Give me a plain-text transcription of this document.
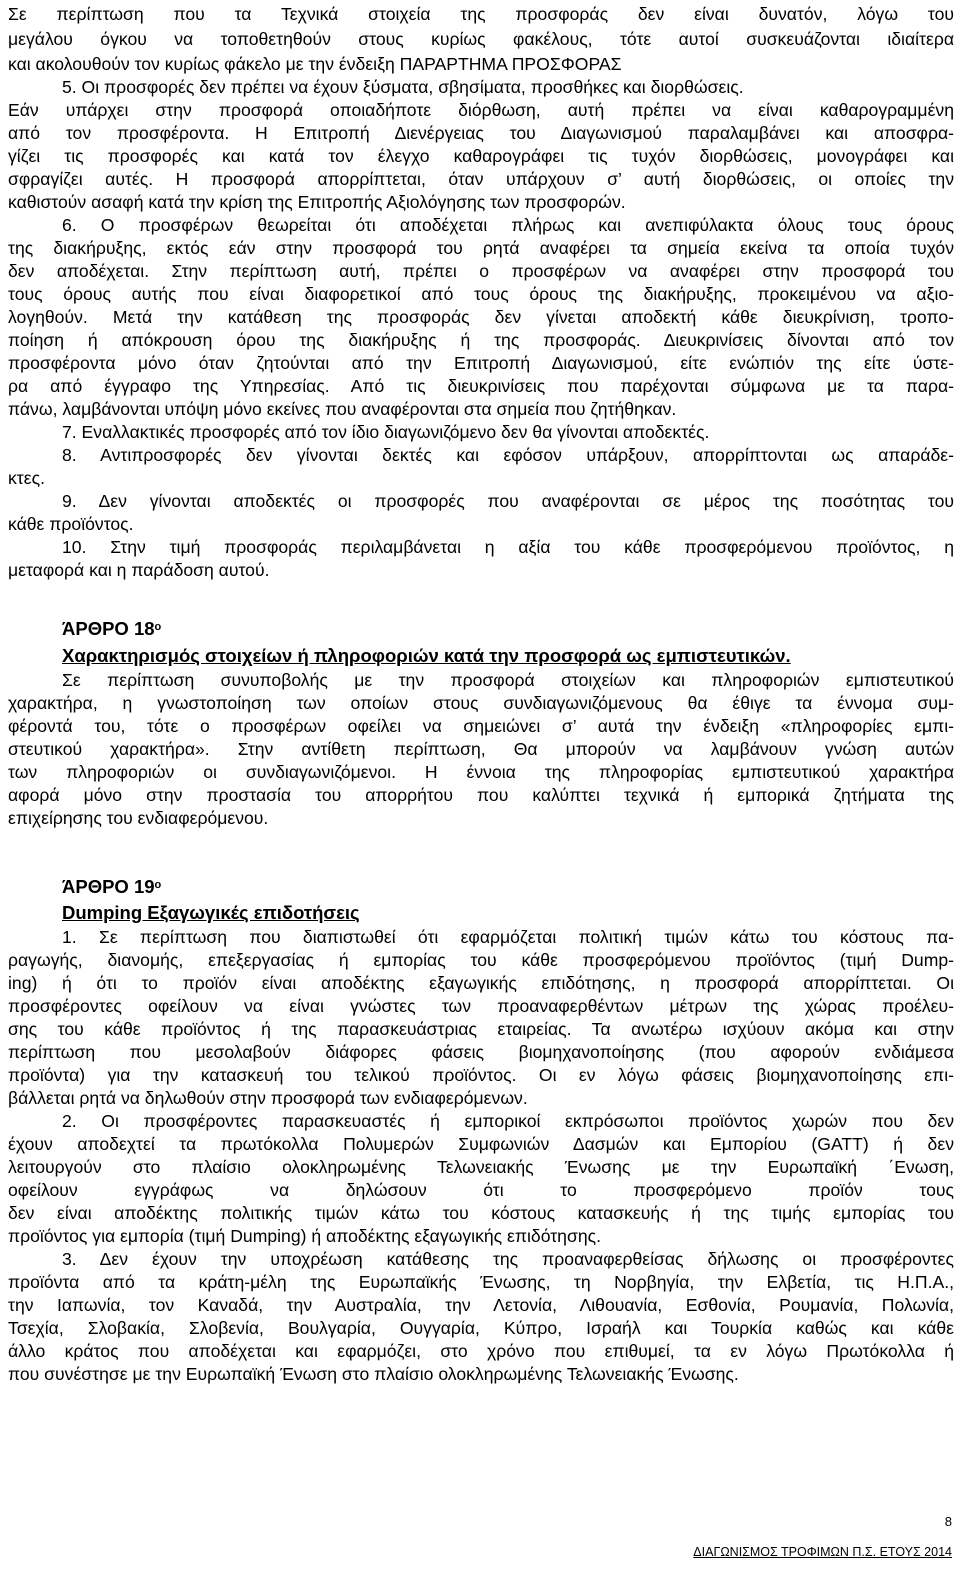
Σε περίπτωση που τα Τεχνικά στοιχεία της προσφοράς δεν είναι δυνατόν, λόγω του
μεγάλου όγκου να τοποθετηθούν στους κυρίως φακέλους, τότε αυτοί συσκευάζονται ιδιαίτερα
και ακολουθούν τον κυρίως φάκελο με την ένδειξη ΠΑΡΑΡΤΗΜΑ ΠΡΟΣΦΟΡΑΣ
5. Οι προσφορές δεν πρέπει να έχουν ξύσματα, σβησίματα, προσθήκες και διορθώσεις.
Εάν υπάρχει στην προσφορά οποιαδήποτε διόρθωση, αυτή πρέπει να είναι καθαρογραμμένη
από τον προσφέροντα. Η Επιτροπή Διενέργειας του Διαγωνισμού παραλαμβάνει και αποσφρα-
γίζει τις προσφορές και κατά τον έλεγχο καθαρογράφει τις τυχόν διορθώσεις, μονογράφει και
σφραγίζει αυτές. Η προσφορά απορρίπτεται, όταν υπάρχουν σ’ αυτή διορθώσεις, οι οποίες την
καθιστούν ασαφή κατά την κρίση της Επιτροπής Αξιολόγησης των προσφορών.
6. Ο προσφέρων θεωρείται ότι αποδέχεται πλήρως και ανεπιφύλακτα όλους τους όρους
της διακήρυξης, εκτός εάν στην προσφορά του ρητά αναφέρει τα σημεία εκείνα τα οποία τυχόν
δεν αποδέχεται. Στην περίπτωση αυτή, πρέπει ο προσφέρων να αναφέρει στην προσφορά του
τους όρους αυτής που είναι διαφορετικοί από τους όρους της διακήρυξης, προκειμένου να αξιο-
λογηθούν. Μετά την κατάθεση της προσφοράς δεν γίνεται αποδεκτή κάθε διευκρίνιση, τροπο-
ποίηση ή απόκρουση όρου της διακήρυξης ή της προσφοράς. Διευκρινίσεις δίνονται από τον
προσφέροντα μόνο όταν ζητούνται από την Επιτροπή Διαγωνισμού, είτε ενώπιόν της είτε ύστε-
ρα από έγγραφο της Υπηρεσίας. Από τις διευκρινίσεις που παρέχονται σύμφωνα με τα παρα-
πάνω, λαμβάνονται υπόψη μόνο εκείνες που αναφέρονται στα σημεία που ζητήθηκαν.
7. Εναλλακτικές προσφορές από τον ίδιο διαγωνιζόμενο δεν θα γίνονται αποδεκτές.
8. Αντιπροσφορές δεν γίνονται δεκτές και εφόσον υπάρξουν, απορρίπτονται ως απαράδε-
κτες.
9. Δεν γίνονται αποδεκτές οι προσφορές που αναφέρονται σε μέρος της ποσότητας του
κάθε προϊόντος.
10. Στην τιμή προσφοράς περιλαμβάνεται η αξία του κάθε προσφερόμενου προϊόντος, η
μεταφορά και η παράδοση αυτού.
ΆΡΘΡΟ $18^o$
Χαρακτηρισμός στοιχείων ή πληροφοριών κατά την προσφορά ως εμπιστευτικών.
Σε περίπτωση συνυποβολής με την προσφορά στοιχείων και πληροφοριών εμπιστευτικού
χαρακτήρα, η γνωστοποίηση των οποίων στους συνδιαγωνιζόμενους θα έθιγε τα έννομα συμ-
φέροντά του, τότε ο προσφέρων οφείλει να σημειώνει σ’ αυτά την ένδειξη «πληροφορίες εμπι-
στευτικού χαρακτήρα». Στην αντίθετη περίπτωση, Θα μπορούν να λαμβάνουν γνώση αυτών
των πληροφοριών οι συνδιαγωνιζόμενοι. Η έννοια της πληροφορίας εμπιστευτικού χαρακτήρα
αφορά μόνο στην προστασία του απορρήτου που καλύπτει τεχνικά ή εμπορικά ζητήματα της
επιχείρησης του ενδιαφερόμενου.
ΆΡΘΡΟ $19^o$
Dumping Εξαγωγικές επιδοτήσεις
1. Σε περίπτωση που διαπιστωθεί ότι εφαρμόζεται πολιτική τιμών κάτω του κόστους πα-
ραγωγής, διανομής, επεξεργασίας ή εμπορίας του κάθε προσφερόμενου προϊόντος (τιμή Dump-
ing) ή ότι το προϊόν είναι αποδέκτης εξαγωγικής επιδότησης, η προσφορά απορρίπτεται. Οι
προσφέροντες οφείλουν να είναι γνώστες των προαναφερθέντων μέτρων της χώρας προέλευ-
σης του κάθε προϊόντος ή της παρασκευάστριας εταιρείας. Τα ανωτέρω ισχύουν ακόμα και στην
περίπτωση που μεσολαβούν διάφορες φάσεις βιομηχανοποίησης (που αφορούν ενδιάμεσα
προϊόντα) για την κατασκευή του τελικού προϊόντος. Οι εν λόγω φάσεις βιομηχανοποίησης επι-
βάλλεται ρητά να δηλωθούν στην προσφορά των ενδιαφερόμενων.
2. Οι προσφέροντες παρασκευαστές ή εμπορικοί εκπρόσωποι προϊόντος χωρών που δεν
έχουν αποδεχτεί τα πρωτόκολλα Πολυμερών Συμφωνιών Δασμών και Εμπορίου (GATT) ή δεν
λειτουργούν στο πλαίσιο ολοκληρωμένης Τελωνειακής Ένωσης με την Ευρωπαϊκή ΄Ενωση,
οφείλουν εγγράφως να δηλώσουν ότι το προσφερόμενο προϊόν τους
δεν είναι αποδέκτης πολιτικής τιμών κάτω του κόστους κατασκευής ή της τιμής εμπορίας του
προϊόντος για εμπορία (τιμή Dumping) ή αποδέκτης εξαγωγικής επιδότησης.
3. Δεν έχουν την υποχρέωση κατάθεσης της προαναφερθείσας δήλωσης οι προσφέροντες
προϊόντα από τα κράτη-μέλη της Ευρωπαϊκής Ένωσης, τη Νορβηγία, την Ελβετία, τις Η.Π.Α.,
την Ιαπωνία, τον Καναδά, την Αυστραλία, την Λετονία, Λιθουανία, Εσθονία, Ρουμανία, Πολωνία,
Τσεχία, Σλοβακία, Σλοβενία, Βουλγαρία, Ουγγαρία, Κύπρο, Ισραήλ και Τουρκία καθώς και κάθε
άλλο κράτος που αποδέχεται και εφαρμόζει, στο χρόνο που επιθυμεί, τα εν λόγω Πρωτόκολλα ή
που συνέστησε με την Ευρωπαϊκή Ένωση στο πλαίσιο ολοκληρωμένης Τελωνειακής Ένωσης.
8
ΔΙΑΓΩΝΙΣΜΟΣ ΤΡΟΦΙΜΩΝ Π.Σ. ΕΤΟΥΣ 2014
